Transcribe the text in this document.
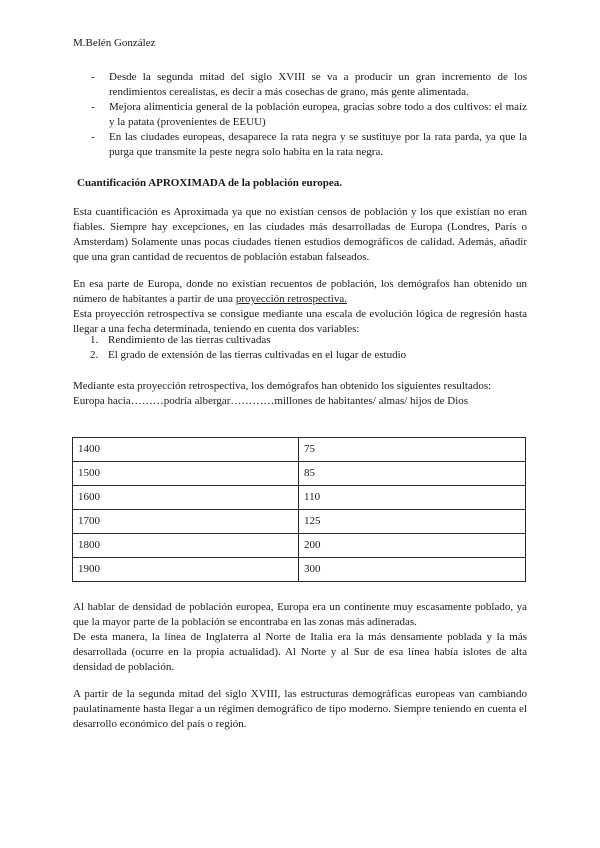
M.Belén González
- Desde la segunda mitad del siglo XVIII se va a producir un gran incremento de los rendimientos cerealistas, es decir a más cosechas de grano, más gente alimentada.
- Mejora alimenticia general de la población europea, gracias sobre todo a dos cultivos: el maíz y la patata (provenientes de EEUU)
- En las ciudades europeas, desaparece la rata negra y se sustituye por la rata parda, ya que la purga que transmite la peste negra solo habita en la rata negra.
Cuantificación APROXIMADA de la población europea.

Esta cuantificación es Aproximada ya que no existían censos de población y los que existían no eran fiables. Siempre hay excepciones, en las ciudades más desarrolladas de Europa (Londres, París o Amsterdam) Solamente unas pocas ciudades tienen estudios demográficos de calidad. Además, añadir que una gran cantidad de recuentos de población estaban falseados.

En esa parte de Europa, donde no existían recuentos de población, los demógrafos han obtenido un número de habitantes a partir de una proyección retrospectiva.
Esta proyección retrospectiva se consigue mediante una escala de evolución lógica de regresión hasta llegar a una fecha determinada, teniendo en cuenta dos variables:

1. Rendimiento de las tierras cultivadas
2. El grado de extensión de las tierras cultivadas en el lugar de estudio

Mediante esta proyección retrospectiva, los demógrafos han obtenido los siguientes resultados:
Europa hacia………podría albergar…………millones de habitantes/ almas/ hijos de Dios

1400	75
1500	85
1600	110
1700	125
1800	200
1900	300

Al hablar de densidad de población europea, Europa era un continente muy escasamente poblado, ya que la mayor parte de la población se encontraba en las zonas más adineradas.
De esta manera, la línea de Inglaterra al Norte de Italia era la más densamente poblada y la más desarrollada (ocurre en la propia actualidad). Al Norte y al Sur de esa línea había islotes de alta densidad de población.

A partir de la segunda mitad del siglo XVIII, las estructuras demográficas europeas van cambiando paulatinamente hasta llegar a un régimen demográfico de tipo moderno. Siempre teniendo en cuenta el desarrollo económico del país o región.
